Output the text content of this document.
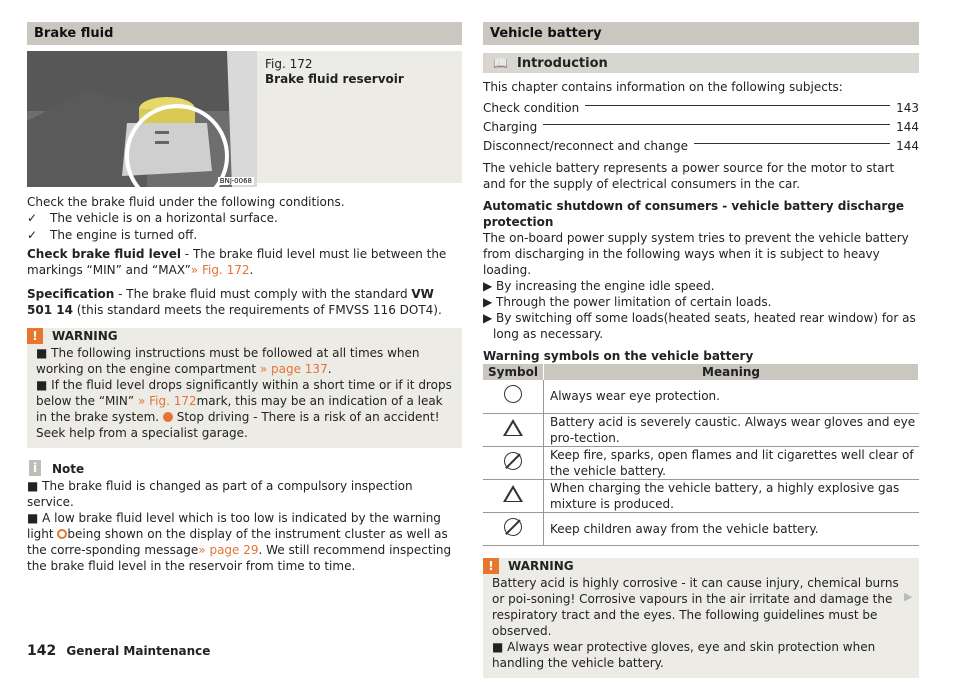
Brake fluid
BNJ-0068
Fig. 172
Brake fluid reservoir

Check the brake fluid under the following conditions.

✓	The vehicle is on a horizontal surface.
✓	The engine is turned off.

Check brake fluid level - The brake fluid level must lie between the markings “MIN” and “MAX”» Fig. 172.

Specification - The brake fluid must comply with the standard VW 501 14 (this standard meets the requirements of FMVSS 116 DOT4).

!	WARNING
■ The following instructions must be followed at all times when working on the engine compartment » page 137.
■ If the fluid level drops significantly within a short time or if it drops below the “MIN” » Fig. 172mark, this may be an indication of a leak in the brake system.  Stop driving - There is a risk of an accident! Seek help from a specialist garage.
i	Note
■ The brake fluid is changed as part of a compulsory inspection service.
■ A low brake fluid level which is too low is indicated by the warning light being shown on the display of the instrument cluster as well as the corre-sponding message» page 29. We still recommend inspecting the brake fluid level in the reservoir from time to time.
Vehicle battery
📖 Introduction

This chapter contains information on the following subjects:

Check condition	143
Charging	144
Disconnect/reconnect and change	144

The vehicle battery represents a power source for the motor to start and for the supply of electrical consumers in the car.

Automatic shutdown of consumers - vehicle battery discharge protection

The on-board power supply system tries to prevent the vehicle battery from discharging in the following ways when it is subject to heavy loading.

▶ By increasing the engine idle speed.

▶ Through the power limitation of certain loads.

▶ By switching off some loads(heated seats, heated rear window) for as long as necessary.

Warning symbols on the vehicle battery

Symbol	Meaning
	Always wear eye protection.
	Battery acid is severely caustic. Always wear gloves and eye pro-tection.
	Keep fire, sparks, open flames and lit cigarettes well clear of the vehicle battery.
	When charging the vehicle battery, a highly explosive gas mixture is produced.
	Keep children away from the vehicle battery.
!	WARNING
Battery acid is highly corrosive - it can cause injury, chemical burns or poi-soning! Corrosive vapours in the air irritate and damage the respiratory tract and the eyes. The following guidelines must be observed.
■ Always wear protective gloves, eye and skin protection when handling the vehicle battery.
▶
142 General Maintenance
